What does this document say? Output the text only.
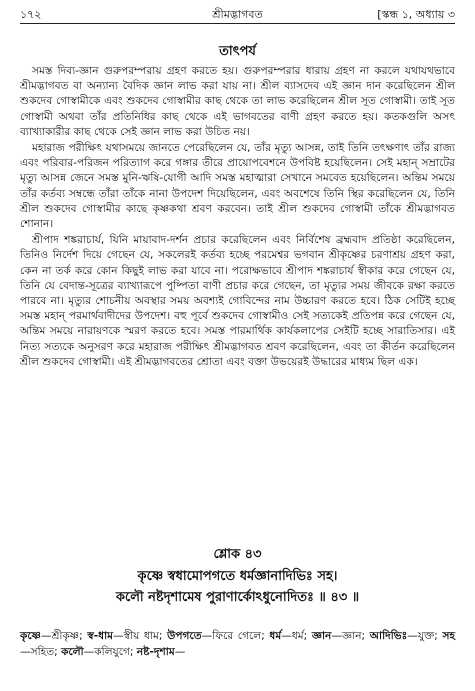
১৭২	শ্রীমদ্ভাগবত	[স্কন্ধ ১, অধ্যায় ৩
তাৎপর্য

সমস্ত দিব্য-জ্ঞান গুরুপরম্পরায় গ্রহণ করতে হয়। গুরুপরম্পরার ধারায় গ্রহণ না করলে যথাযথভাবে শ্রীমদ্ভাগবত বা অন্যান্য বৈদিক জ্ঞান লাভ করা যায় না। শ্রীল ব্যাসদেব এই জ্ঞান দান করেছিলেন শ্রীল শুকদেব গোস্বামীকে এবং শুকদেব গোস্বামীর কাছ থেকে তা লাভ করেছিলেন শ্রীল সূত গোস্বামী। তাই সূত গোস্বামী অথবা তাঁর প্রতিনিধির কাছ থেকে এই ভাগবতের বাণী গ্রহণ করতে হয়। কতকগুলি অসৎ ব্যাখ্যাকারীর কাছ থেকে সেই জ্ঞান লাভ করা উচিত নয়।

মহারাজ পরীক্ষিৎ যথাসময়ে জানতে পেরেছিলেন যে, তাঁর মৃত্যু আসন্ন, তাই তিনি তৎক্ষণাৎ তাঁর রাজ্য এবং পরিবার-পরিজন পরিত্যাগ করে গঙ্গার তীরে প্রায়োপবেশনে উপবিষ্ট হয়েছিলেন। সেই মহান্ সম্রাটের মৃত্যু আসন্ন জেনে সমস্ত মুনি-ঋষি-যোগী আদি সমস্ত মহাত্মারা সেখানে সমবেত হয়েছিলেন। অন্তিম সময়ে তাঁর কর্তব্য সম্বন্ধে তাঁরা তাঁকে নানা উপদেশ দিয়েছিলেন, এবং অবশেষে তিনি স্থির করেছিলেন যে, তিনি শ্রীল শুকদেব গোস্বামীর কাছে কৃষ্ণকথা শ্রবণ করবেন। তাই শ্রীল শুকদেব গোস্বামী তাঁকে শ্রীমদ্ভাগবত শোনান।

শ্রীপাদ শঙ্করাচার্য, যিনি মায়াবাদ-দর্শন প্রচার করেছিলেন এবং নির্বিশেষ ব্রহ্মবাদ প্রতিষ্ঠা করেছিলেন, তিনিও নির্দেশ দিয়ে গেছেন যে, সকলেরই কর্তব্য হচ্ছে পরমেশ্বর ভগবান শ্রীকৃষ্ণের চরণাশ্রয় গ্রহণ করা, কেন না তর্ক করে কোন কিছুই লাভ করা যাবে না। পরোক্ষভাবে শ্রীপাদ শঙ্করাচার্য স্বীকার করে গেছেন যে, তিনি যে বেদান্ত-সূত্রের ব্যাখ্যারূপে পুষ্পিতা বাণী প্রচার করে গেছেন, তা মৃত্যুর সময় জীবকে রক্ষা করতে পারবে না। মৃত্যুর শোচনীয় অবস্থার সময় অবশ্যই গোবিন্দের নাম উচ্চারণ করতে হবে। ঠিক সেটিই হচ্ছে সমস্ত মহান্ পরমার্থবাদীদের উপদেশ। বহু পূর্বে শুকদেব গোস্বামীও সেই সত্যকেই প্রতিপন্ন করে গেছেন যে, অন্তিম সময়ে নারায়ণকে স্মরণ করতে হবে। সমস্ত পারমার্থিক কার্যকলাপের সেইটি হচ্ছে সারাতিসার। এই নিত্য সত্যকে অনুসরণ করে মহারাজ পরীক্ষিৎ শ্রীমদ্ভাগবত শ্রবণ করেছিলেন, এবং তা কীর্তন করেছিলেন শ্রীল শুকদেব গোস্বামী। এই শ্রীমদ্ভাগবতের শ্রোতা এবং বক্তা উভয়েরই উদ্ধারের মাধ্যম ছিল এক।

শ্লোক ৪৩
কৃষ্ণে স্বধামোপগতে ধর্মজ্ঞানাদিভিঃ সহ।
কলৌ নষ্টদৃশামেষ পুরাণার্কোঽধুনোদিতঃ ॥ ৪৩ ॥
কৃষ্ণে—শ্রীকৃষ্ণ; স্ব-ধাম—স্বীয় ধাম; উপগতে—ফিরে গেলে; ধর্ম—ধর্ম; জ্ঞান—জ্ঞান; আদিভিঃ—যুক্ত; সহ—সহিত; কলৌ—কলিযুগে; নষ্ট-দৃশাম—
